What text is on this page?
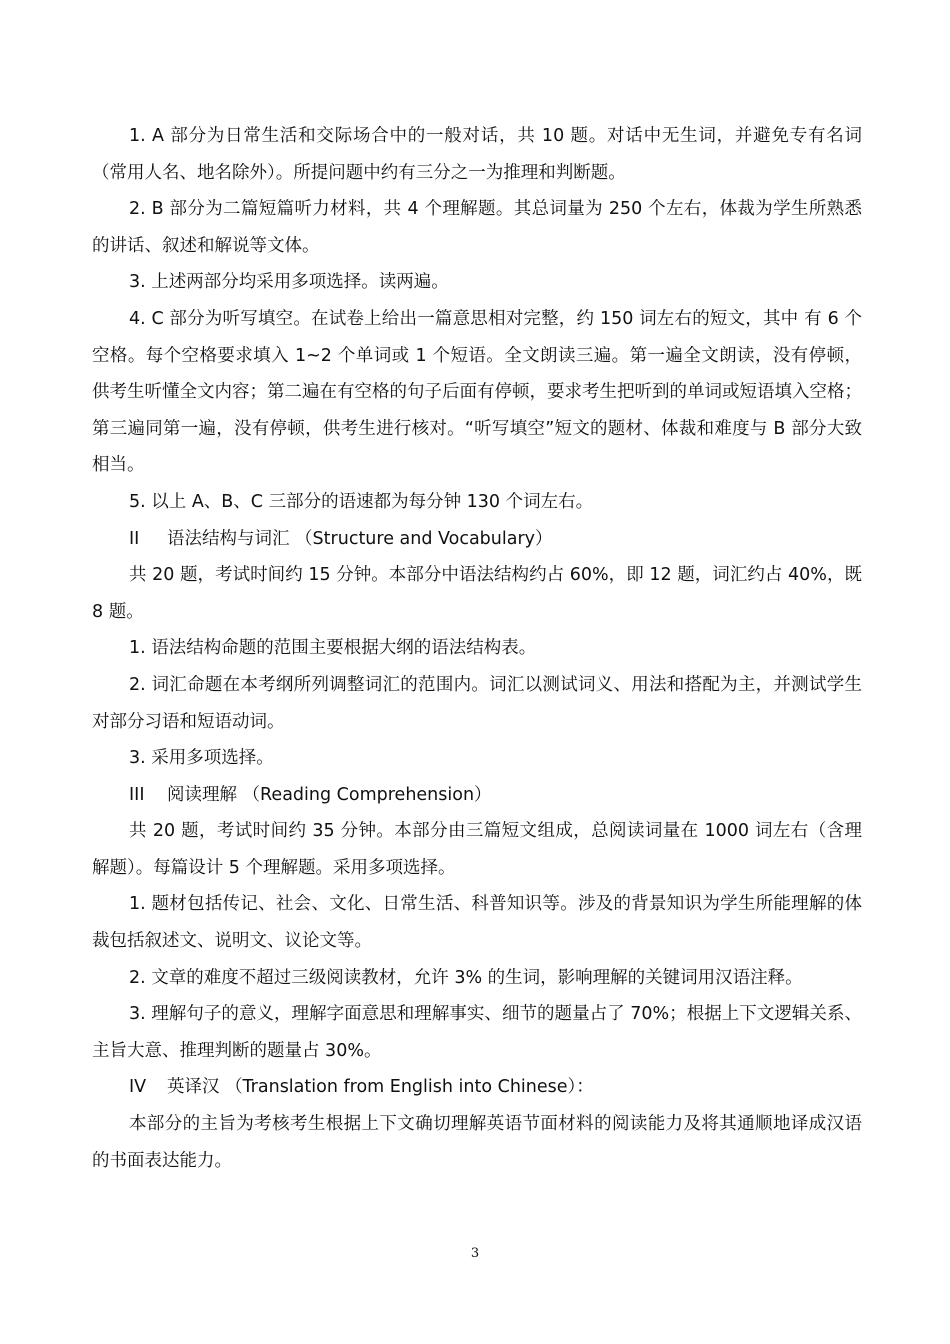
1. A 部分为日常生活和交际场合中的一般对话，共 10 题。对话中无生词，并避免专有名词（常用人名、地名除外）。所提问题中约有三分之一为推理和判断题。

2. B 部分为二篇短篇听力材料，共 4 个理解题。其总词量为 250 个左右，体裁为学生所熟悉的讲话、叙述和解说等文体。

3. 上述两部分均采用多项选择。读两遍。

4. C 部分为听写填空。在试卷上给出一篇意思相对完整，约 150 词左右的短文，其中 有 6 个空格。每个空格要求填入 1~2 个单词或 1 个短语。全文朗读三遍。第一遍全文朗读，没有停顿，供考生听懂全文内容；第二遍在有空格的句子后面有停顿，要求考生把听到的单词或短语填入空格；第三遍同第一遍，没有停顿，供考生进行核对。“听写填空”短文的题材、体裁和难度与 B 部分大致相当。

5. 以上 A、B、C 三部分的语速都为每分钟 130 个词左右。

II 语法结构与词汇 （Structure and Vocabulary）

共 20 题，考试时间约 15 分钟。本部分中语法结构约占 60%，即 12 题，词汇约占 40%，既 8 题。

1. 语法结构命题的范围主要根据大纲的语法结构表。

2. 词汇命题在本考纲所列调整词汇的范围内。词汇以测试词义、用法和搭配为主，并测试学生对部分习语和短语动词。

3. 采用多项选择。

III 阅读理解 （Reading Comprehension）

共 20 题，考试时间约 35 分钟。本部分由三篇短文组成，总阅读词量在 1000 词左右（含理解题）。每篇设计 5 个理解题。采用多项选择。

1. 题材包括传记、社会、文化、日常生活、科普知识等。涉及的背景知识为学生所能理解的体裁包括叙述文、说明文、议论文等。

2. 文章的难度不超过三级阅读教材，允许 3% 的生词，影响理解的关键词用汉语注释。

3. 理解句子的意义，理解字面意思和理解事实、细节的题量占了 70%；根据上下文逻辑关系、主旨大意、推理判断的题量占 30%。

IV 英译汉 （Translation from English into Chinese）：

本部分的主旨为考核考生根据上下文确切理解英语节面材料的阅读能力及将其通顺地译成汉语的书面表达能力。

3
